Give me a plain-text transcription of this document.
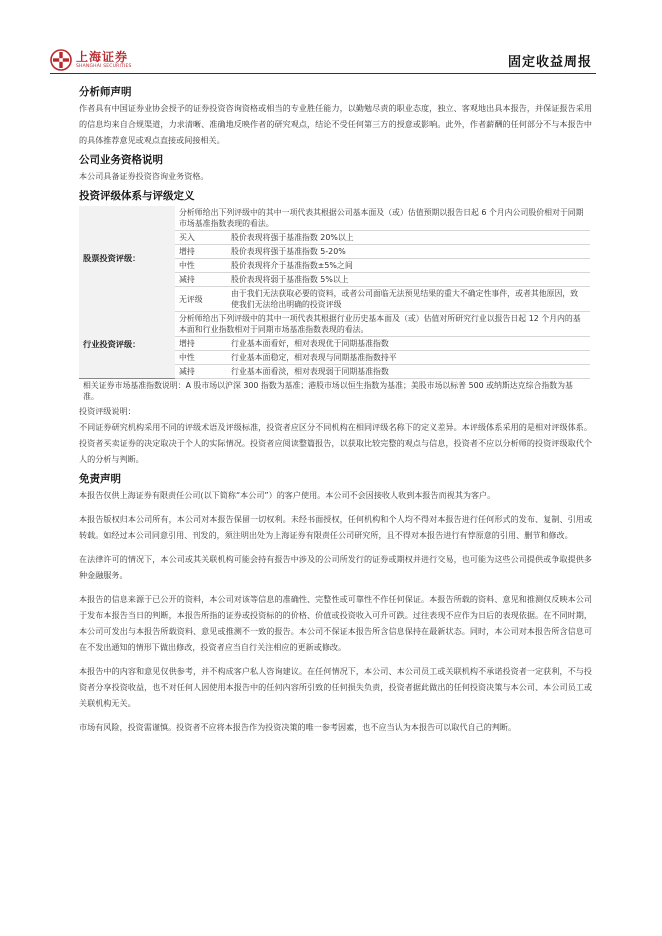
上海证券
SHANGHAI SECURITIES	固定收益周报
分析师声明

作者具有中国证券业协会授予的证券投资咨询资格或相当的专业胜任能力，以勤勉尽责的职业态度，独立、客观地出具本报告，并保证报告采用的信息均来自合规渠道，力求清晰、准确地反映作者的研究观点，结论不受任何第三方的授意或影响。此外，作者薪酬的任何部分不与本报告中的具体推荐意见或观点直接或间接相关。

公司业务资格说明

本公司具备证券投资咨询业务资格。

投资评级体系与评级定义
股票投资评级：	分析师给出下列评级中的其中一项代表其根据公司基本面及（或）估值预期以报告日起 6 个月内公司股价相对于同期市场基准指数表现的看法。	
	买入	股价表现将强于基准指数 20%以上
	增持	股价表现将强于基准指数 5-20%
	中性	股价表现将介于基准指数±5%之间
	减持	股价表现将弱于基准指数 5%以上
	无评级	由于我们无法获取必要的资料，或者公司面临无法预见结果的重大不确定性事件，或者其他原因，致使我们无法给出明确的投资评级
行业投资评级：	分析师给出下列评级中的其中一项代表其根据行业历史基本面及（或）估值对所研究行业以报告日起 12 个月内的基本面和行业指数相对于同期市场基准指数表现的看法。	
	增持	行业基本面看好，相对表现优于同期基准指数
	中性	行业基本面稳定，相对表现与同期基准指数持平
	减持	行业基本面看淡，相对表现弱于同期基准指数
相关证券市场基准指数说明：A 股市场以沪深 300 指数为基准；港股市场以恒生指数为基准；美股市场以标普 500 或纳斯达克综合指数为基准。		

投资评级说明：

不同证券研究机构采用不同的评级术语及评级标准，投资者应区分不同机构在相同评级名称下的定义差异。本评级体系采用的是相对评级体系。投资者买卖证券的决定取决于个人的实际情况。投资者应阅读整篇报告，以获取比较完整的观点与信息，投资者不应以分析师的投资评级取代个人的分析与判断。

免责声明

本报告仅供上海证券有限责任公司(以下简称“本公司”）的客户使用。本公司不会因接收人收到本报告而视其为客户。

本报告版权归本公司所有，本公司对本报告保留一切权利。未经书面授权，任何机构和个人均不得对本报告进行任何形式的发布、复制、引用或转载。如经过本公司同意引用、刊发的，须注明出处为上海证券有限责任公司研究所，且不得对本报告进行有悖原意的引用、删节和修改。

在法律许可的情况下，本公司或其关联机构可能会持有报告中涉及的公司所发行的证券或期权并进行交易，也可能为这些公司提供或争取提供多种金融服务。

本报告的信息来源于已公开的资料，本公司对该等信息的准确性、完整性或可靠性不作任何保证。本报告所载的资料、意见和推测仅反映本公司于发布本报告当日的判断，本报告所指的证券或投资标的的价格、价值或投资收入可升可跌。过往表现不应作为日后的表现依据。在不同时期，本公司可发出与本报告所载资料、意见或推测不一致的报告。本公司不保证本报告所含信息保持在最新状态。同时，本公司对本报告所含信息可在不发出通知的情形下做出修改，投资者应当自行关注相应的更新或修改。

本报告中的内容和意见仅供参考，并不构成客户私人咨询建议。在任何情况下，本公司、本公司员工或关联机构不承诺投资者一定获利，不与投资者分享投资收益，也不对任何人因使用本报告中的任何内容所引致的任何损失负责，投资者据此做出的任何投资决策与本公司、本公司员工或关联机构无关。

市场有风险，投资需谨慎。投资者不应将本报告作为投资决策的唯一参考因素，也不应当认为本报告可以取代自己的判断。
